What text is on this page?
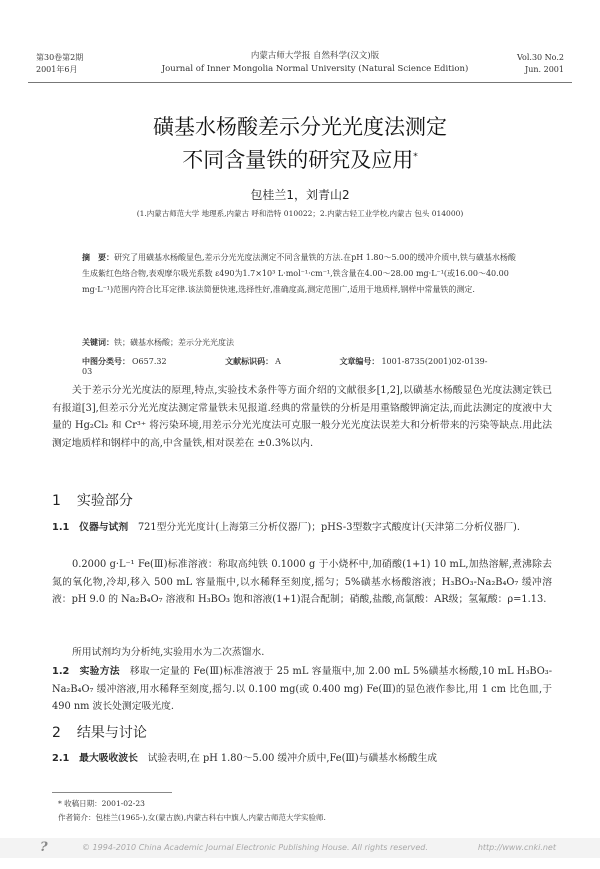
第30卷第2期
2001年6月
内蒙古师大学报 自然科学(汉文)版
Journal of Inner Mongolia Normal University (Natural Science Edition)
Vol.30 No.2
Jun. 2001
磺基水杨酸差示分光光度法测定
不同含量铁的研究及应用*
包桂兰1，刘青山2
(1.内蒙古师范大学 地理系,内蒙古 呼和浩特 010022；2.内蒙古轻工业学校,内蒙古 包头 014000)
摘　要：研究了用磺基水杨酸显色,差示分光光度法测定不同含量铁的方法.在pH 1.80～5.00的缓冲介质中,铁与磺基水杨酸生成紫红色络合物,表观摩尔吸光系数 ε490为1.7×10³ L·mol⁻¹·cm⁻¹,铁含量在4.00～28.00 mg·L⁻¹(或16.00～40.00 mg·L⁻¹)范围内符合比耳定律.该法简便快速,选择性好,准确度高,测定范围广,适用于地质样,钢样中常量铁的测定.
关键词：铁；磺基水杨酸；差示分光光度法
中图分类号： O657.32	文献标识码： A	文章编号： 1001-8735(2001)02-0139-03
关于差示分光光度法的原理,特点,实验技术条件等方面介绍的文献很多[1,2],以磺基水杨酸显色光度法测定铁已有报道[3],但差示分光光度法测定常量铁未见报道.经典的常量铁的分析是用重铬酸钾滴定法,而此法测定的度液中大量的 Hg₂Cl₂ 和 Cr³⁺ 将污染环境,用差示分光光度法可克服一般分光光度法误差大和分析带来的污染等缺点.用此法测定地质样和钢样中的高,中含量铁,相对误差在 ±0.3%以内.
1 实验部分
1.1　仪器与试剂　 721型分光光度计(上海第三分析仪器厂)；pHS-3型数字式酸度计(天津第二分析仪器厂).
0.2000 g·L⁻¹ Fe(Ⅲ)标准溶液：称取高纯铁 0.1000 g 于小烧杯中,加硝酸(1+1) 10 mL,加热溶解,煮沸除去氮的氧化物,冷却,移入 500 mL 容量瓶中,以水稀释至刻度,摇匀；5%磺基水杨酸溶液；H₃BO₃-Na₂B₄O₇ 缓冲溶液：pH 9.0 的 Na₂B₄O₇ 溶液和 H₃BO₃ 饱和溶液(1+1)混合配制；硝酸,盐酸,高氯酸：AR级；氢氟酸：ρ=1.13.
所用试剂均为分析纯,实验用水为二次蒸馏水.
1.2　实验方法　 移取一定量的 Fe(Ⅲ)标准溶液于 25 mL 容量瓶中,加 2.00 mL 5%磺基水杨酸,10 mL H₃BO₃-Na₂B₄O₇ 缓冲溶液,用水稀释至刻度,摇匀.以 0.100 mg(或 0.400 mg) Fe(Ⅲ)的显色液作参比,用 1 cm 比色皿,于 490 nm 波长处测定吸光度.
2 结果与讨论
2.1　最大吸收波长　 试验表明,在 pH 1.80～5.00 缓冲介质中,Fe(Ⅲ)与磺基水杨酸生成
* 收稿日期：2001-02-23
作者简介：包桂兰(1965-),女(蒙古族),内蒙古科右中旗人,内蒙古师范大学实验师.
?	© 1994-2010 China Academic Journal Electronic Publishing House. All rights reserved.	http://www.cnki.net
